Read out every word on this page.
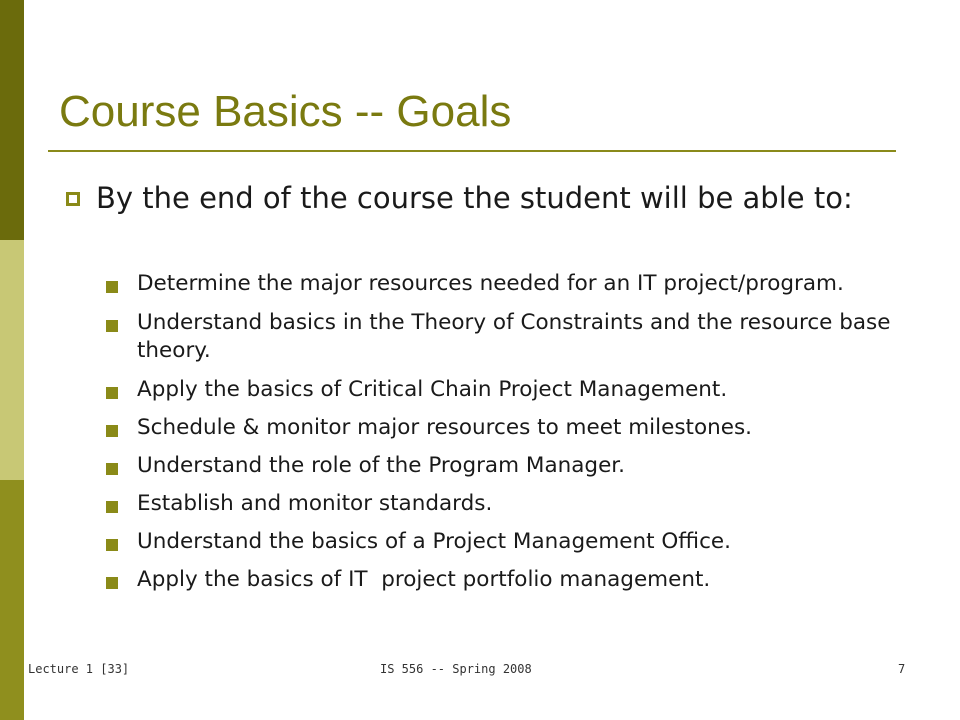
Course Basics -- Goals
By the end of the course the student will be able to:
Determine the major resources needed for an IT project/program.
Understand basics in the Theory of Constraints and the resource base theory.
Apply the basics of Critical Chain Project Management.
Schedule & monitor major resources to meet milestones.
Understand the role of the Program Manager.
Establish and monitor standards.
Understand the basics of a Project Management Office.
Apply the basics of IT  project portfolio management.
Lecture 1 [33]	IS 556 -- Spring 2008	7
